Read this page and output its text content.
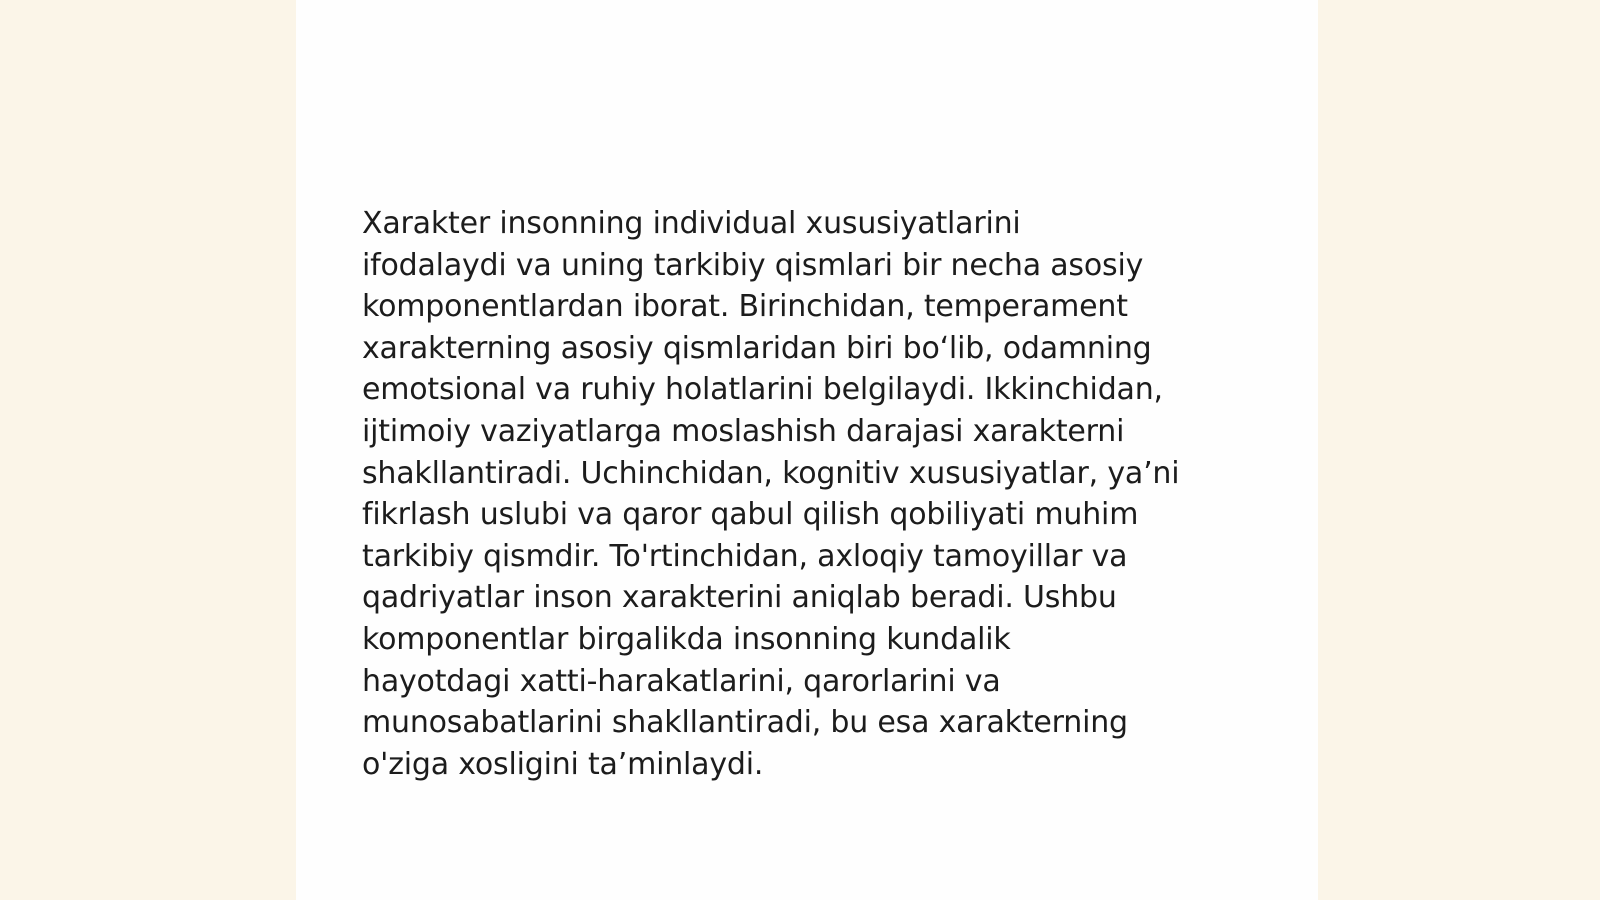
Xarakter insonning individual xususiyatlarini
ifodalaydi va uning tarkibiy qismlari bir necha asosiy
komponentlardan iborat. Birinchidan, temperament
xarakterning asosiy qismlaridan biri bo‘lib, odamning
emotsional va ruhiy holatlarini belgilaydi. Ikkinchidan,
ijtimoiy vaziyatlarga moslashish darajasi xarakterni
shakllantiradi. Uchinchidan, kognitiv xususiyatlar, ya’ni
fikrlash uslubi va qaror qabul qilish qobiliyati muhim
tarkibiy qismdir. To'rtinchidan, axloqiy tamoyillar va
qadriyatlar inson xarakterini aniqlab beradi. Ushbu
komponentlar birgalikda insonning kundalik
hayotdagi xatti-harakatlarini, qarorlarini va
munosabatlarini shakllantiradi, bu esa xarakterning
o'ziga xosligini ta’minlaydi.
